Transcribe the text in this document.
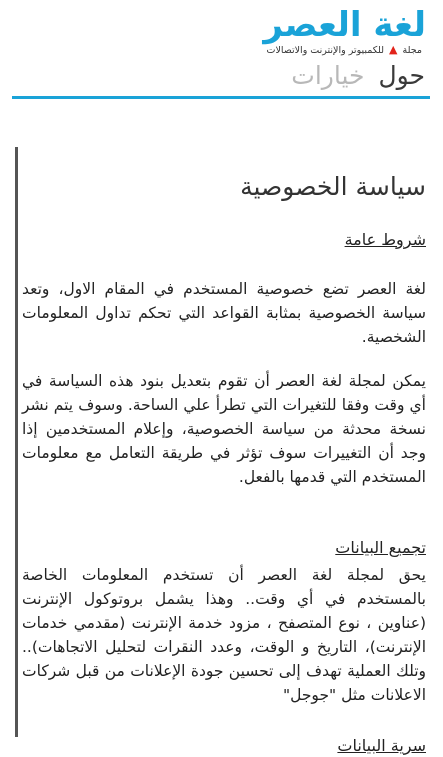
لغة العصر
مجلة ▲ للكمبيوتر والإنترنت والاتصالات
حول
خيارات
سياسة الخصوصية
شروط عامة

لغة العصر تضع خصوصية المستخدم في المقام الاول، وتعد سياسة الخصوصية بمثابة القواعد التي تحكم تداول المعلومات الشخصية.

يمكن لمجلة لغة العصر أن تقوم بتعديل بنود هذه السياسة في أي وقت وفقا للتغيرات التي تطرأ علي الساحة. وسوف يتم نشر نسخة محدثة من سياسة الخصوصية، وإعلام المستخدمين إذا وجد أن التغييرات سوف تؤثر في طريقة التعامل مع معلومات المستخدم التي قدمها بالفعل.

تجميع البيانات

يحق لمجلة لغة العصر أن تستخدم المعلومات الخاصة بالمستخدم في أي وقت.. وهذا يشمل بروتوكول الإنترنت (عناوين ، نوع المتصفح ، مزود خدمة الإنترنت (مقدمي خدمات الإنترنت)، التاريخ و الوقت، وعدد النقرات لتحليل الاتجاهات).. وتلك العملية تهدف إلى تحسين جودة الإعلانات من قبل شركات الاعلانات مثل "جوجل"

سرية البيانات
